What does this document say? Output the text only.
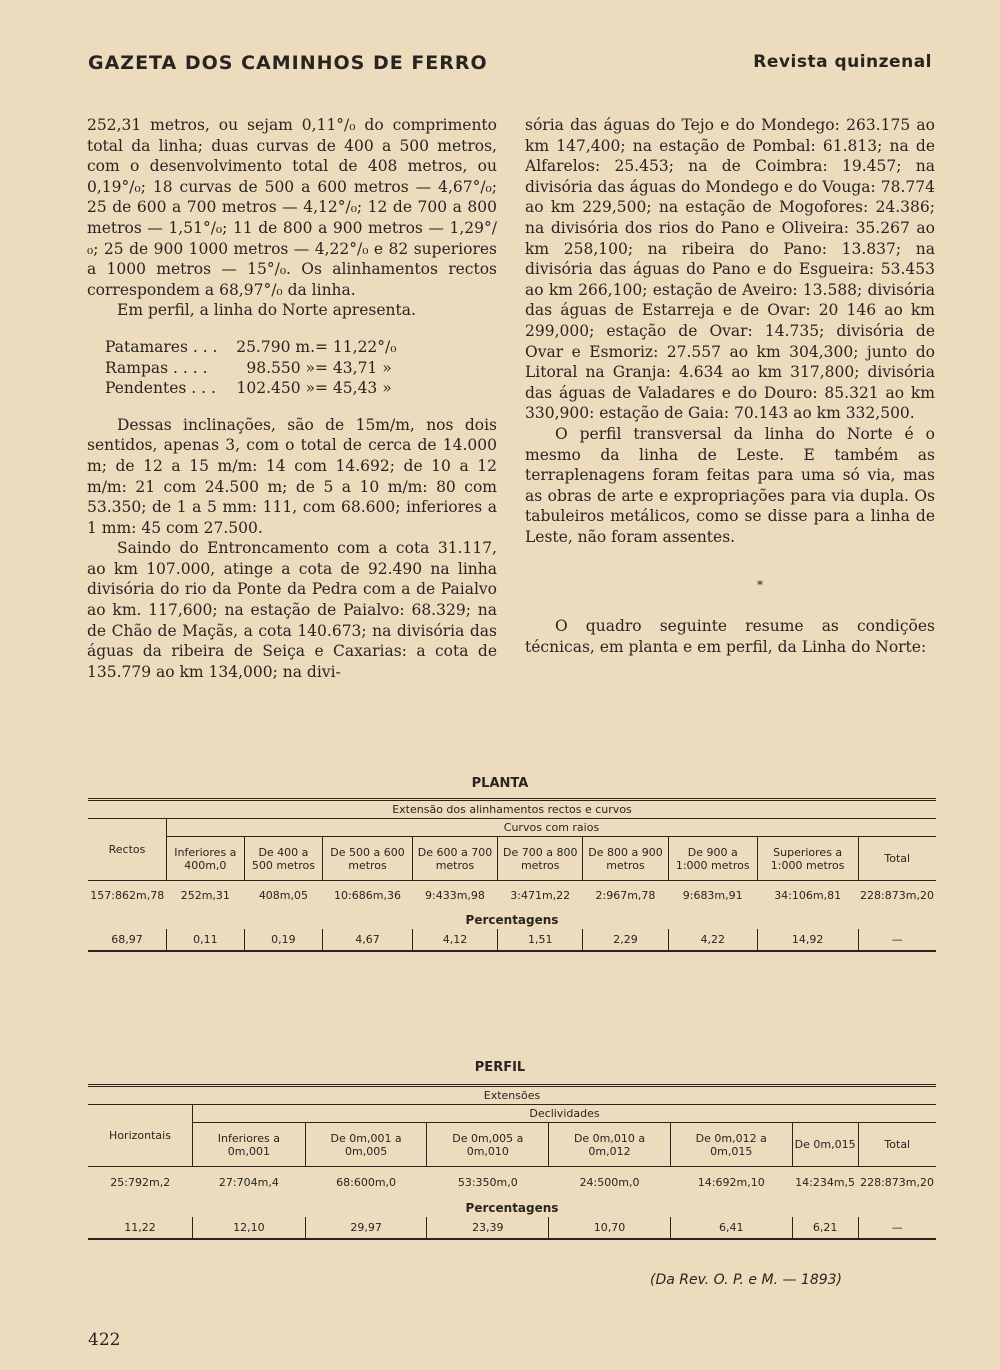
GAZETA DOS CAMINHOS DE FERRO	Revista quinzenal

252,31 metros, ou sejam 0,11°/₀ do comprimento total da linha; duas curvas de 400 a 500 metros, com o desenvolvimento total de 408 metros, ou 0,19°/₀; 18 curvas de 500 a 600 metros — 4,67°/₀; 25 de 600 a 700 metros — 4,12°/₀; 12 de 700 a 800 metros — 1,51°/₀; 11 de 800 a 900 metros — 1,29°/₀; 25 de 900 1000 metros — 4,22°/₀ e 82 superiores a 1000 metros — 15°/₀. Os alinhamentos rectos correspondem a 68,97°/₀ da linha.

Em perfil, a linha do Norte apresenta.

Patamares . . .	25.790 m. = 11,22°/₀
Rampas . . . .	98.550 » = 43,71 »
Pendentes . . .	102.450 » = 45,43 »

Dessas inclinações, são de 15m/m, nos dois sentidos, apenas 3, com o total de cerca de 14.000 m; de 12 a 15 m/m: 14 com 14.692; de 10 a 12 m/m: 21 com 24.500 m; de 5 a 10 m/m: 80 com 53.350; de 1 a 5 mm: 111, com 68.600; inferiores a 1 mm: 45 com 27.500.

Saindo do Entroncamento com a cota 31.117, ao km 107.000, atinge a cota de 92.490 na linha divisória do rio da Ponte da Pedra com a de Paialvo ao km. 117,600; na estação de Paialvo: 68.329; na de Chão de Maçãs, a cota 140.673; na divisória das águas da ribeira de Seiça e Caxarias: a cota de 135.779 ao km 134,000; na divi-

sória das águas do Tejo e do Mondego: 263.175 ao km 147,400; na estação de Pombal: 61.813; na de Alfarelos: 25.453; na de Coimbra: 19.457; na divisória das águas do Mondego e do Vouga: 78.774 ao km 229,500; na estação de Mogofores: 24.386; na divisória dos rios do Pano e Oliveira: 35.267 ao km 258,100; na ribeira do Pano: 13.837; na divisória das águas do Pano e do Esgueira: 53.453 ao km 266,100; estação de Aveiro: 13.588; divisória das águas de Estarreja e de Ovar: 20 146 ao km 299,000; estação de Ovar: 14.735; divisória de Ovar e Esmoriz: 27.557 ao km 304,300; junto do Litoral na Granja: 4.634 ao km 317,800; divisória das águas de Valadares e do Douro: 85.321 ao km 330,900: estação de Gaia: 70.143 ao km 332,500.

O perfil transversal da linha do Norte é o mesmo da linha de Leste. E também as terraplenagens foram feitas para uma só via, mas as obras de arte e expropriações para via dupla. Os tabuleiros metálicos, como se disse para a linha de Leste, não foram assentes.

*

O quadro seguinte resume as condições técnicas, em planta e em perfil, da Linha do Norte:

PLANTA
Extensão dos alinhamentos rectos e curvos									
Rectos	Curvos com raios								
	Inferiores a 400m,0	De 400 a 500 metros	De 500 a 600 metros	De 600 a 700 metros	De 700 a 800 metros	De 800 a 900 metros	De 900 a 1:000 metros	Superiores a 1:000 metros	Total
157:862m,78	252m,31	408m,05	10:686m,36	9:433m,98	3:471m,22	2:967m,78	9:683m,91	34:106m,81	228:873m,20
Percentagens									
68,97	0,11	0,19	4,67	4,12	1,51	2,29	4,22	14,92	—
PERFIL
Extensões							
Horizontais	Declividades						
	Inferiores a 0m,001	De 0m,001 a 0m,005	De 0m,005 a 0m,010	De 0m,010 a 0m,012	De 0m,012 a 0m,015	De 0m,015	Total
25:792m,2	27:704m,4	68:600m,0	53:350m,0	24:500m,0	14:692m,10	14:234m,5	228:873m,20
Percentagens							
11,22	12,10	29,97	23,39	10,70	6,41	6,21	—
(Da Rev. O. P. e M. — 1893)
422
